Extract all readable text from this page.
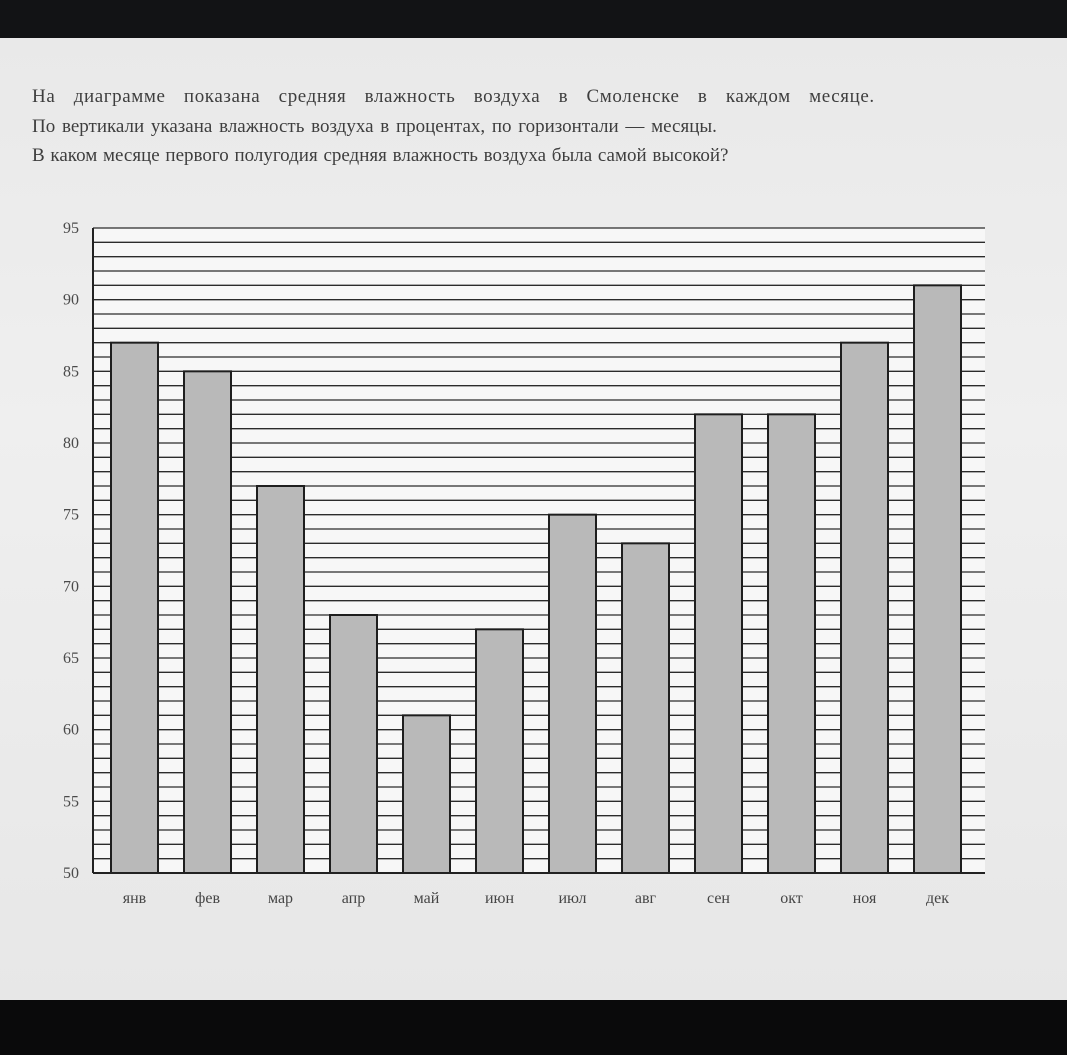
На диаграмме показана средняя влажность воздуха в Смоленске в каждом месяце.

По вертикали указана влажность воздуха в процентах, по горизонтали — месяцы.

В каком месяце первого полугодия средняя влажность воздуха была самой высокой?

95
90
85
80
75
70
65
60
55
50
янв	фев	мар	апр	май	июн	июл	авг	сен	окт	ноя	дек
